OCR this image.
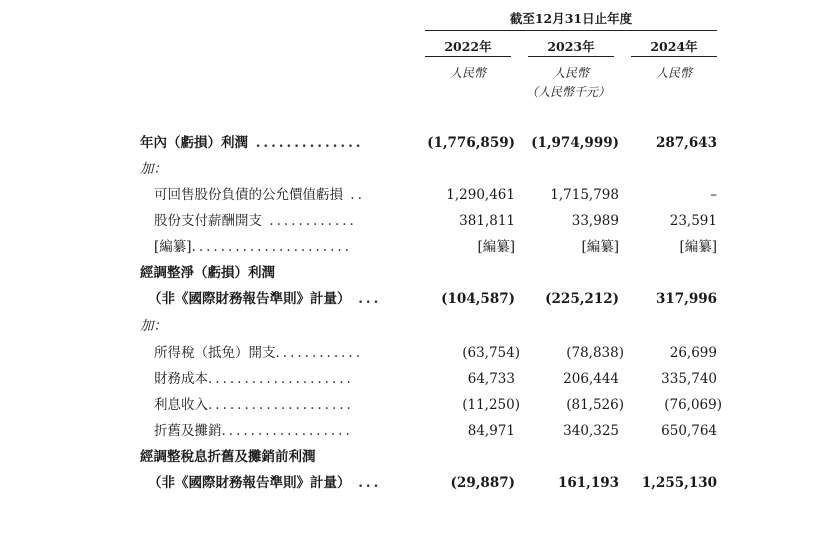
截至12月31日止年度
2022年	2023年	2024年
人民幣	人民幣	人民幣
（人民幣千元）
年內（虧損）利潤 ..............	(1,776,859)	(1,974,999)	287,643
加：
可回售股份負債的公允價值虧損 ..	1,290,461	1,715,798	–
股份支付薪酬開支 ............	381,811	33,989	23,591
[編纂]......................	[編纂]	[編纂]	[編纂]
經調整淨（虧損）利潤
（非《國際財務報告準則》計量） ...	(104,587)	(225,212)	317,996
加：
所得稅（抵免）開支............	(63,754)	(78,838)	26,699
財務成本....................	64,733	206,444	335,740
利息收入....................	(11,250)	(81,526)	(76,069)
折舊及攤銷..................	84,971	340,325	650,764
經調整稅息折舊及攤銷前利潤
（非《國際財務報告準則》計量） ...	(29,887)	161,193	1,255,130
